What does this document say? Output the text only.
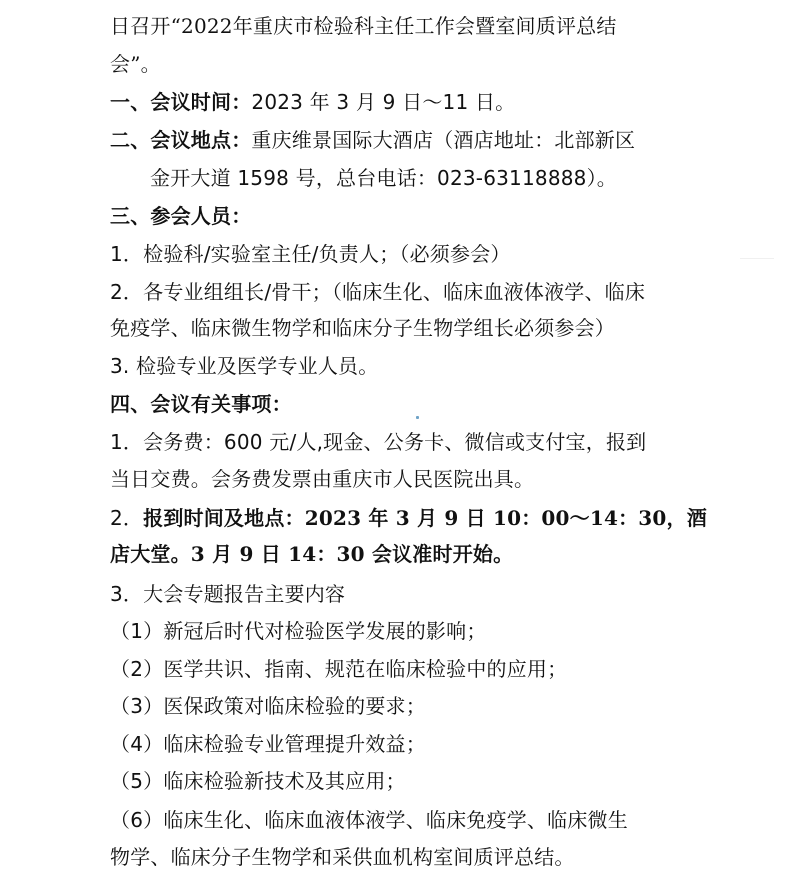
日召开“2022年重庆市检验科主任工作会暨室间质评总结
会”。
一、会议时间：2023 年 3 月 9 日～11 日。
二、会议地点：重庆维景国际大酒店（酒店地址：北部新区
金开大道 1598 号，总台电话：023-63118888）。
三、参会人员：
1．检验科/实验室主任/负责人；（必须参会）
2．各专业组组长/骨干；（临床生化、临床血液体液学、临床
免疫学、临床微生物学和临床分子生物学组长必须参会）
3. 检验专业及医学专业人员。
四、会议有关事项：
1．会务费：600 元/人,现金、公务卡、微信或支付宝，报到
当日交费。会务费发票由重庆市人民医院出具。
2．报到时间及地点：2023 年 3 月 9 日 10：00～14：30，酒
店大堂。3 月 9 日 14：30 会议准时开始。
3．大会专题报告主要内容
（1）新冠后时代对检验医学发展的影响；
（2）医学共识、指南、规范在临床检验中的应用；
（3）医保政策对临床检验的要求；
（4）临床检验专业管理提升效益；
（5）临床检验新技术及其应用；
（6）临床生化、临床血液体液学、临床免疫学、临床微生
物学、临床分子生物学和采供血机构室间质评总结。
